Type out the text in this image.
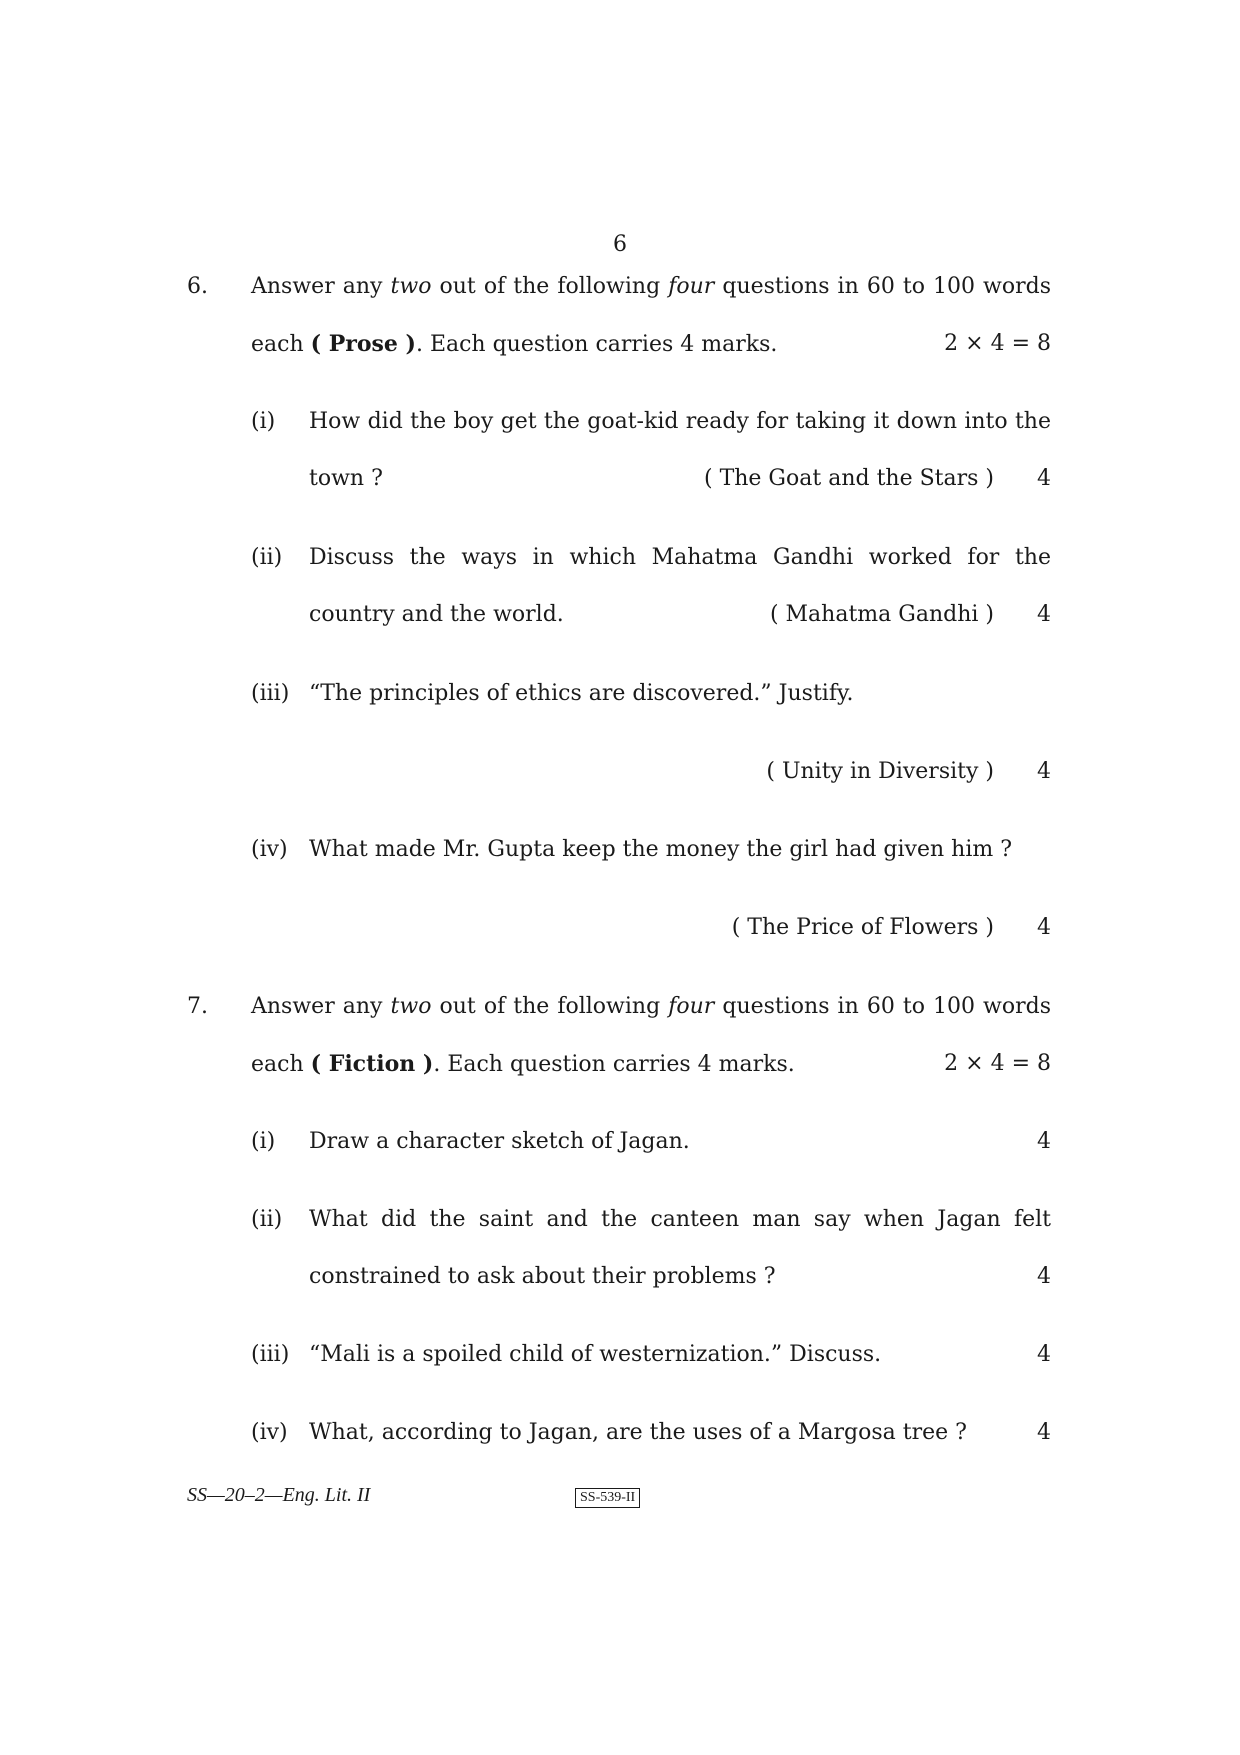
6
6. Answer any two out of the following four questions in 60 to 100 words
each ( Prose ). Each question carries 4 marks.	2 × 4 = 8
(i) How did the boy get the goat-kid ready for taking it down into the
town ?	( The Goat and the Stars ) 4
(ii) Discuss the ways in which Mahatma Gandhi worked for the
country and the world.	( Mahatma Gandhi ) 4
(iii) “The principles of ethics are discovered.” Justify.
( Unity in Diversity ) 4
(iv) What made Mr. Gupta keep the money the girl had given him ?
( The Price of Flowers ) 4
7. Answer any two out of the following four questions in 60 to 100 words
each ( Fiction ). Each question carries 4 marks.	2 × 4 = 8
(i) Draw a character sketch of Jagan.	4
(ii) What did the saint and the canteen man say when Jagan felt
constrained to ask about their problems ?	4
(iii) “Mali is a spoiled child of westernization.” Discuss.	4
(iv) What, according to Jagan, are the uses of a Margosa tree ?	4
SS—20–2—Eng. Lit. II	SS-539-II
